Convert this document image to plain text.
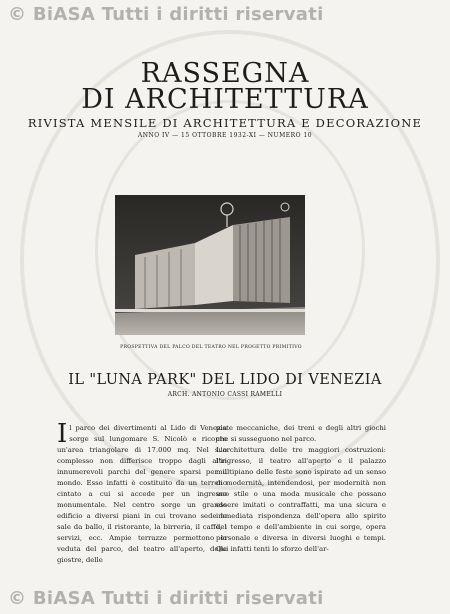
© BiASA Tutti i diritti riservati
RASSEGNA
DI ARCHITETTURA
RIVISTA MENSILE DI ARCHITETTURA E DECORAZIONE
ANNO IV — 15 OTTOBRE 1932-XI — NUMERO 10
PROSPETTIVA DEL PALCO DEL TEATRO NEL PROGETTO PRIMITIVO
IL "LUNA PARK" DEL LIDO DI VENEZIA
ARCH. ANTONIO CASSI RAMELLI
I l parco dei divertimenti al Lido di Venezia sorge sul lungomare S. Nicolò e ricopre un'area triangolare di 17.000 mq. Nel suo complesso non differisce troppo dagli altri innumerevoli parchi del genere sparsi per il mondo. Esso infatti è costituito da un terreno cintato a cui si accede per un ingresso monumentale. Nel centro sorge un grande edificio a diversi piani in cui trovano sede le sale da ballo, il ristorante, la birreria, il caffè, i servizi, ecc. Ampie terrazze permettono la veduta del parco, del teatro all'aperto, delle giostre, delle

piste meccaniche, dei treni e degli altri giochi che si susseguono nel parco.

L'architettura delle tre maggiori costruzioni: l'ingresso, il teatro all'aperto e il palazzo multipiano delle feste sono ispirate ad un senso di modernità, intendendosi, per modernità non uno stile o una moda musicale che possano essere imitati o contraffatti, ma una sicura e immediata rispondenza dell'opera allo spirito del tempo e dell'ambiente in cui sorge, opera personale e diversa in diversi luoghi e tempi. Qui infatti tenti lo sforzo dell'ar-

© BiASA Tutti i diritti riservati
